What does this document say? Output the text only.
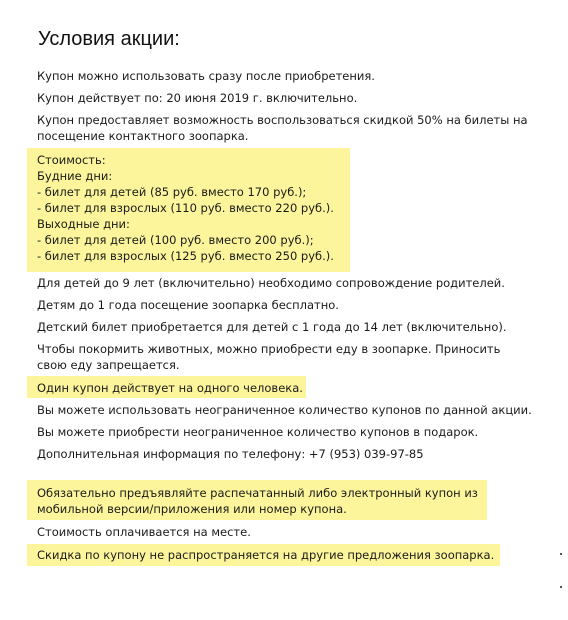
Условия акции:
Купон можно использовать сразу после приобретения.
Купон действует по: 20 июня 2019 г. включительно.
Купон предоставляет возможность воспользоваться скидкой 50% на билеты на
посещение контактного зоопарка.
Стоимость:
Будние дни:
- билет для детей (85 руб. вместо 170 руб.);
- билет для взрослых (110 руб. вместо 220 руб.).
Выходные дни:
- билет для детей (100 руб. вместо 200 руб.);
- билет для взрослых (125 руб. вместо 250 руб.).
Для детей до 9 лет (включительно) необходимо сопровождение родителей.
Детям до 1 года посещение зоопарка бесплатно.
Детский билет приобретается для детей с 1 года до 14 лет (включительно).
Чтобы покормить животных, можно приобрести еду в зоопарке. Приносить
свою еду запрещается.
Один купон действует на одного человека.
Вы можете использовать неограниченное количество купонов по данной акции.
Вы можете приобрести неограниченное количество купонов в подарок.
Дополнительная информация по телефону: +7 (953) 039-97-85
Обязательно предъявляйте распечатанный либо электронный купон из
мобильной версии/приложения или номер купона.
Стоимость оплачивается на месте.
Скидка по купону не распространяется на другие предложения зоопарка.
